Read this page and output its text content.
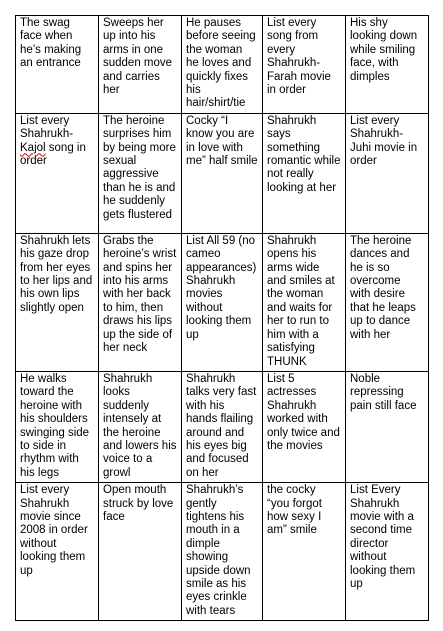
The swag face when he’s making an entrance	Sweeps her up into his arms in one sudden move and carries her	He pauses before seeing the woman he loves and quickly fixes his hair/shirt/tie	List every song from every Shahrukh-Farah movie in order	His shy looking down while smiling face, with dimples
List every Shahrukh-Kajol song in order	The heroine surprises him by being more sexual aggressive than he is and he suddenly gets flustered	Cocky “I know you are in love with me” half smile	Shahrukh says something romantic while not really looking at her	List every Shahrukh-Juhi movie in order
Shahrukh lets his gaze drop from her eyes to her lips and his own lips slightly open	Grabs the heroine’s wrist and spins her into his arms with her back to him, then draws his lips up the side of her neck	List All 59 (no cameo appearances) Shahrukh movies without looking them up	Shahrukh opens his arms wide and smiles at the woman and waits for her to run to him with a satisfying THUNK	The heroine dances and he is so overcome with desire that he leaps up to dance with her
He walks toward the heroine with his shoulders swinging side to side in rhythm with his legs	Shahrukh looks suddenly intensely at the heroine and lowers his voice to a growl	Shahrukh talks very fast with his hands flailing around and his eyes big and focused on her	List 5 actresses Shahrukh worked with only twice and the movies	Noble repressing pain still face
List every Shahrukh movie since 2008 in order without looking them up	Open mouth struck by love face	Shahrukh’s gently tightens his mouth in a dimple showing upside down smile as his eyes crinkle with tears	the cocky “you forgot how sexy I am” smile	List Every Shahrukh movie with a second time director without looking them up
